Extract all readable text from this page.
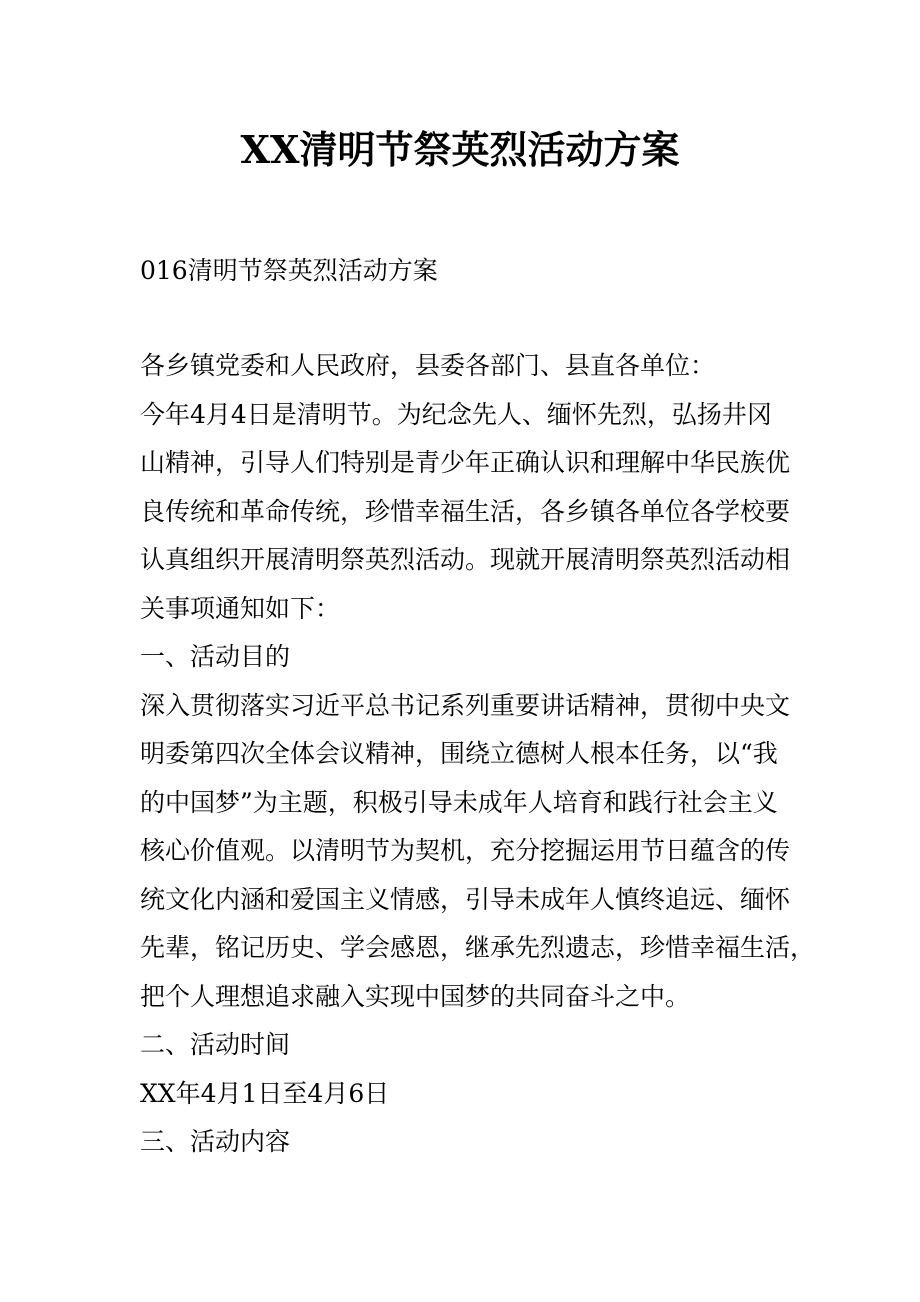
XX清明节祭英烈活动方案
016清明节祭英烈活动方案
各乡镇党委和人民政府，县委各部门、县直各单位：
今年4月4日是清明节。为纪念先人、缅怀先烈，弘扬井冈
山精神，引导人们特别是青少年正确认识和理解中华民族优
良传统和革命传统，珍惜幸福生活，各乡镇各单位各学校要
认真组织开展清明祭英烈活动。现就开展清明祭英烈活动相
关事项通知如下：
一、活动目的
深入贯彻落实习近平总书记系列重要讲话精神，贯彻中央文
明委第四次全体会议精神，围绕立德树人根本任务，以“我
的中国梦”为主题，积极引导未成年人培育和践行社会主义
核心价值观。以清明节为契机，充分挖掘运用节日蕴含的传
统文化内涵和爱国主义情感，引导未成年人慎终追远、缅怀
先辈，铭记历史、学会感恩，继承先烈遗志，珍惜幸福生活，
把个人理想追求融入实现中国梦的共同奋斗之中。
二、活动时间
XX年4月1日至4月6日
三、活动内容
